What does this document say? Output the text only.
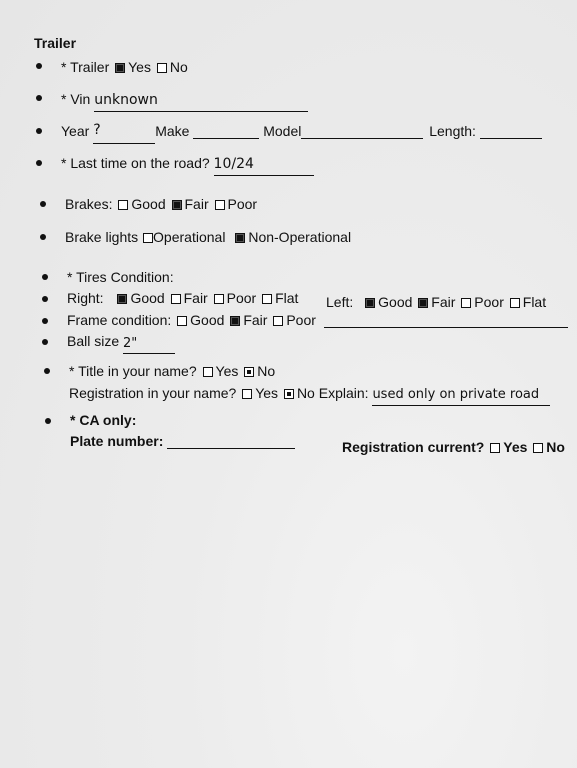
Trailer
* Trailer Yes No
* Vin unknown
Year ?	Make	Model	Length:
* Last time on the road? 10/24
Brakes: Good Fair Poor
Brake lights Operational Non-Operational
* Tires Condition:
Right: Good Fair Poor Flat Left: Good Fair Poor Flat
Frame condition: Good Fair Poor
Ball size 2"
* Title in your name? Yes No
Registration in your name? Yes No Explain: used only on private road
* CA only:
Plate number:	Registration current? Yes No
